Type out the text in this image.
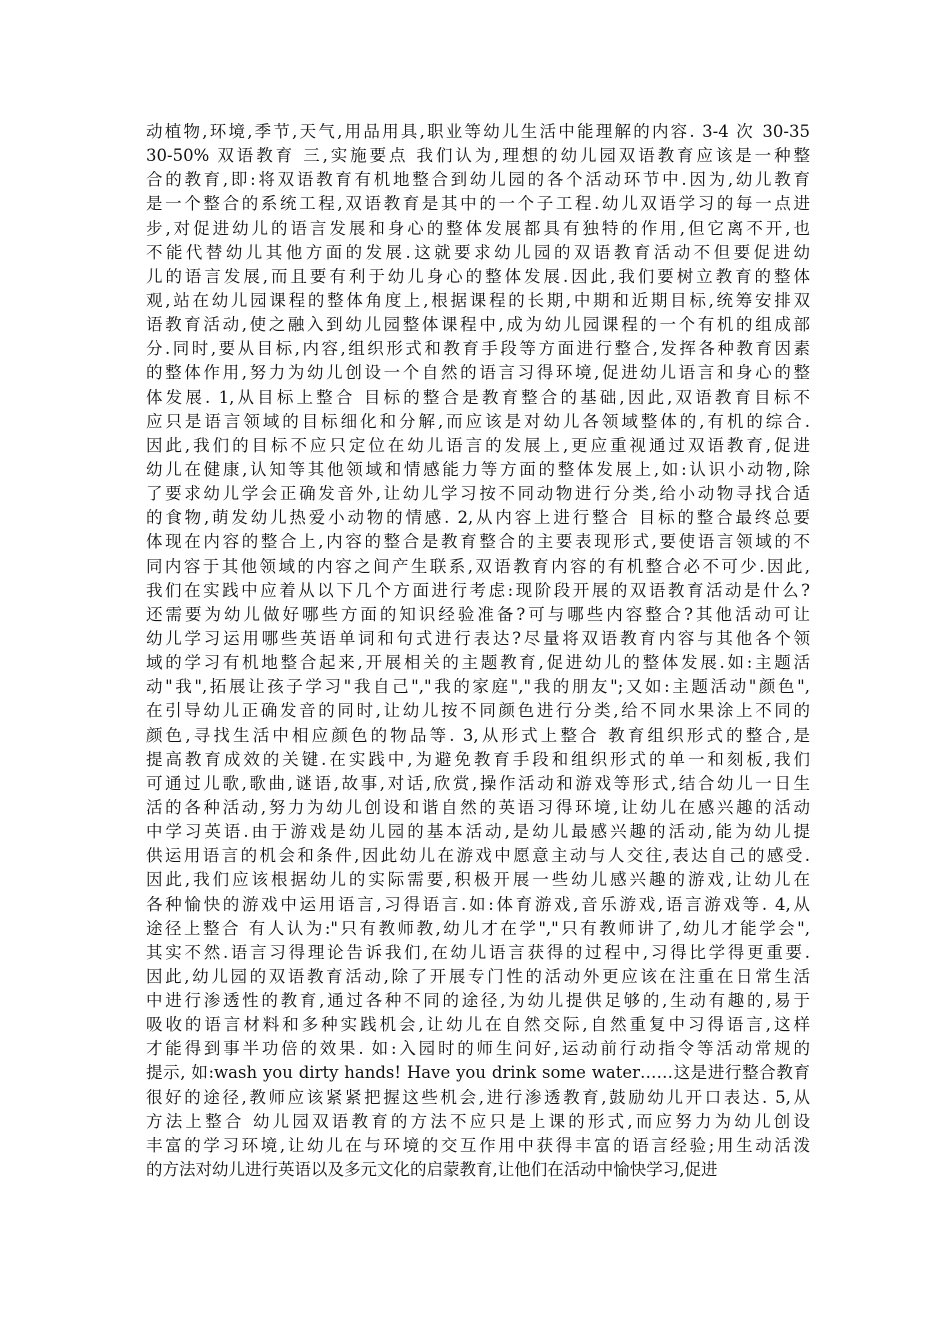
动植物,环境,季节,天气,用品用具,职业等幼儿生活中能理解的内容. 3-4 次 30-35
30-50% 双语教育 三,实施要点 我们认为,理想的幼儿园双语教育应该是一种整
合的教育,即:将双语教育有机地整合到幼儿园的各个活动环节中.因为,幼儿教育
是一个整合的系统工程,双语教育是其中的一个子工程.幼儿双语学习的每一点进
步,对促进幼儿的语言发展和身心的整体发展都具有独特的作用,但它离不开,也
不能代替幼儿其他方面的发展.这就要求幼儿园的双语教育活动不但要促进幼
儿的语言发展,而且要有利于幼儿身心的整体发展.因此,我们要树立教育的整体
观,站在幼儿园课程的整体角度上,根据课程的长期,中期和近期目标,统筹安排双
语教育活动,使之融入到幼儿园整体课程中,成为幼儿园课程的一个有机的组成部
分.同时,要从目标,内容,组织形式和教育手段等方面进行整合,发挥各种教育因素
的整体作用,努力为幼儿创设一个自然的语言习得环境,促进幼儿语言和身心的整
体发展. 1,从目标上整合 目标的整合是教育整合的基础,因此,双语教育目标不
应只是语言领域的目标细化和分解,而应该是对幼儿各领域整体的,有机的综合.
因此,我们的目标不应只定位在幼儿语言的发展上,更应重视通过双语教育,促进
幼儿在健康,认知等其他领域和情感能力等方面的整体发展上,如:认识小动物,除
了要求幼儿学会正确发音外,让幼儿学习按不同动物进行分类,给小动物寻找合适
的食物,萌发幼儿热爱小动物的情感. 2,从内容上进行整合 目标的整合最终总要
体现在内容的整合上,内容的整合是教育整合的主要表现形式,要使语言领域的不
同内容于其他领域的内容之间产生联系,双语教育内容的有机整合必不可少.因此,
我们在实践中应着从以下几个方面进行考虑:现阶段开展的双语教育活动是什么?
还需要为幼儿做好哪些方面的知识经验准备?可与哪些内容整合?其他活动可让
幼儿学习运用哪些英语单词和句式进行表达?尽量将双语教育内容与其他各个领
域的学习有机地整合起来,开展相关的主题教育,促进幼儿的整体发展.如:主题活
动"我",拓展让孩子学习"我自己","我的家庭","我的朋友";又如:主题活动"颜色",
在引导幼儿正确发音的同时,让幼儿按不同颜色进行分类,给不同水果涂上不同的
颜色,寻找生活中相应颜色的物品等. 3,从形式上整合 教育组织形式的整合,是
提高教育成效的关键.在实践中,为避免教育手段和组织形式的单一和刻板,我们
可通过儿歌,歌曲,谜语,故事,对话,欣赏,操作活动和游戏等形式,结合幼儿一日生
活的各种活动,努力为幼儿创设和谐自然的英语习得环境,让幼儿在感兴趣的活动
中学习英语.由于游戏是幼儿园的基本活动,是幼儿最感兴趣的活动,能为幼儿提
供运用语言的机会和条件,因此幼儿在游戏中愿意主动与人交往,表达自己的感受.
因此,我们应该根据幼儿的实际需要,积极开展一些幼儿感兴趣的游戏,让幼儿在
各种愉快的游戏中运用语言,习得语言.如:体育游戏,音乐游戏,语言游戏等. 4,从
途径上整合 有人认为:"只有教师教,幼儿才在学","只有教师讲了,幼儿才能学会",
其实不然.语言习得理论告诉我们,在幼儿语言获得的过程中,习得比学得更重要.
因此,幼儿园的双语教育活动,除了开展专门性的活动外更应该在注重在日常生活
中进行渗透性的教育,通过各种不同的途径,为幼儿提供足够的,生动有趣的,易于
吸收的语言材料和多种实践机会,让幼儿在自然交际,自然重复中习得语言,这样
才能得到事半功倍的效果. 如:入园时的师生问好,运动前行动指令等活动常规的
提示, 如:wash you dirty hands! Have you drink some water……这是进行整合教育
很好的途径,教师应该紧紧把握这些机会,进行渗透教育,鼓励幼儿开口表达. 5,从
方法上整合 幼儿园双语教育的方法不应只是上课的形式,而应努力为幼儿创设
丰富的学习环境,让幼儿在与环境的交互作用中获得丰富的语言经验;用生动活泼
的方法对幼儿进行英语以及多元文化的启蒙教育,让他们在活动中愉快学习,促进
